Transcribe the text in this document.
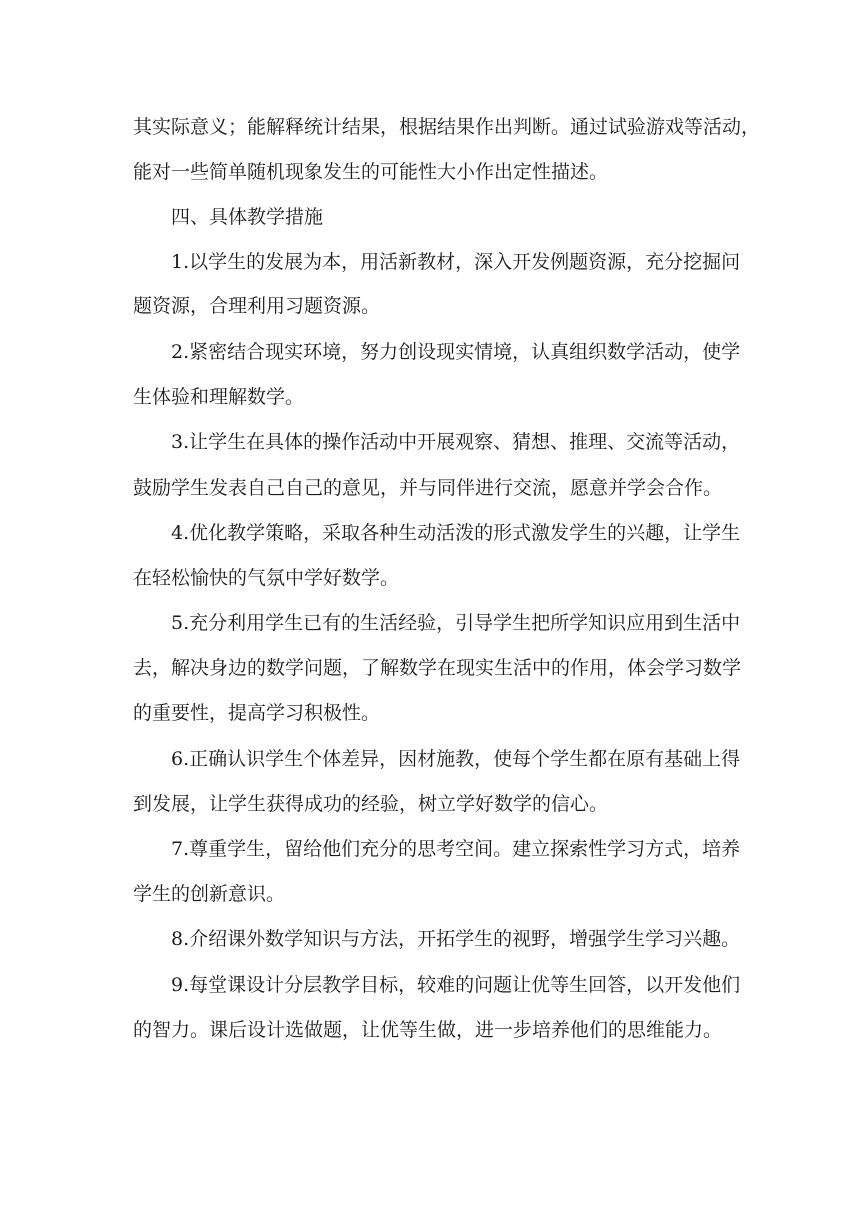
其实际意义；能解释统计结果，根据结果作出判断。通过试验游戏等活动，
能对一些简单随机现象发生的可能性大小作出定性描述。
四、具体教学措施
1.以学生的发展为本，用活新教材，深入开发例题资源，充分挖掘问
题资源，合理利用习题资源。
2.紧密结合现实环境，努力创设现实情境，认真组织数学活动，使学
生体验和理解数学。
3.让学生在具体的操作活动中开展观察、猜想、推理、交流等活动，
鼓励学生发表自己自己的意见，并与同伴进行交流，愿意并学会合作。
4.优化教学策略，采取各种生动活泼的形式激发学生的兴趣，让学生
在轻松愉快的气氛中学好数学。
5.充分利用学生已有的生活经验，引导学生把所学知识应用到生活中
去，解决身边的数学问题，了解数学在现实生活中的作用，体会学习数学
的重要性，提高学习积极性。
6.正确认识学生个体差异，因材施教，使每个学生都在原有基础上得
到发展，让学生获得成功的经验，树立学好数学的信心。
7.尊重学生，留给他们充分的思考空间。建立探索性学习方式，培养
学生的创新意识。
8.介绍课外数学知识与方法，开拓学生的视野，增强学生学习兴趣。
9.每堂课设计分层教学目标，较难的问题让优等生回答，以开发他们
的智力。课后设计选做题，让优等生做，进一步培养他们的思维能力。
